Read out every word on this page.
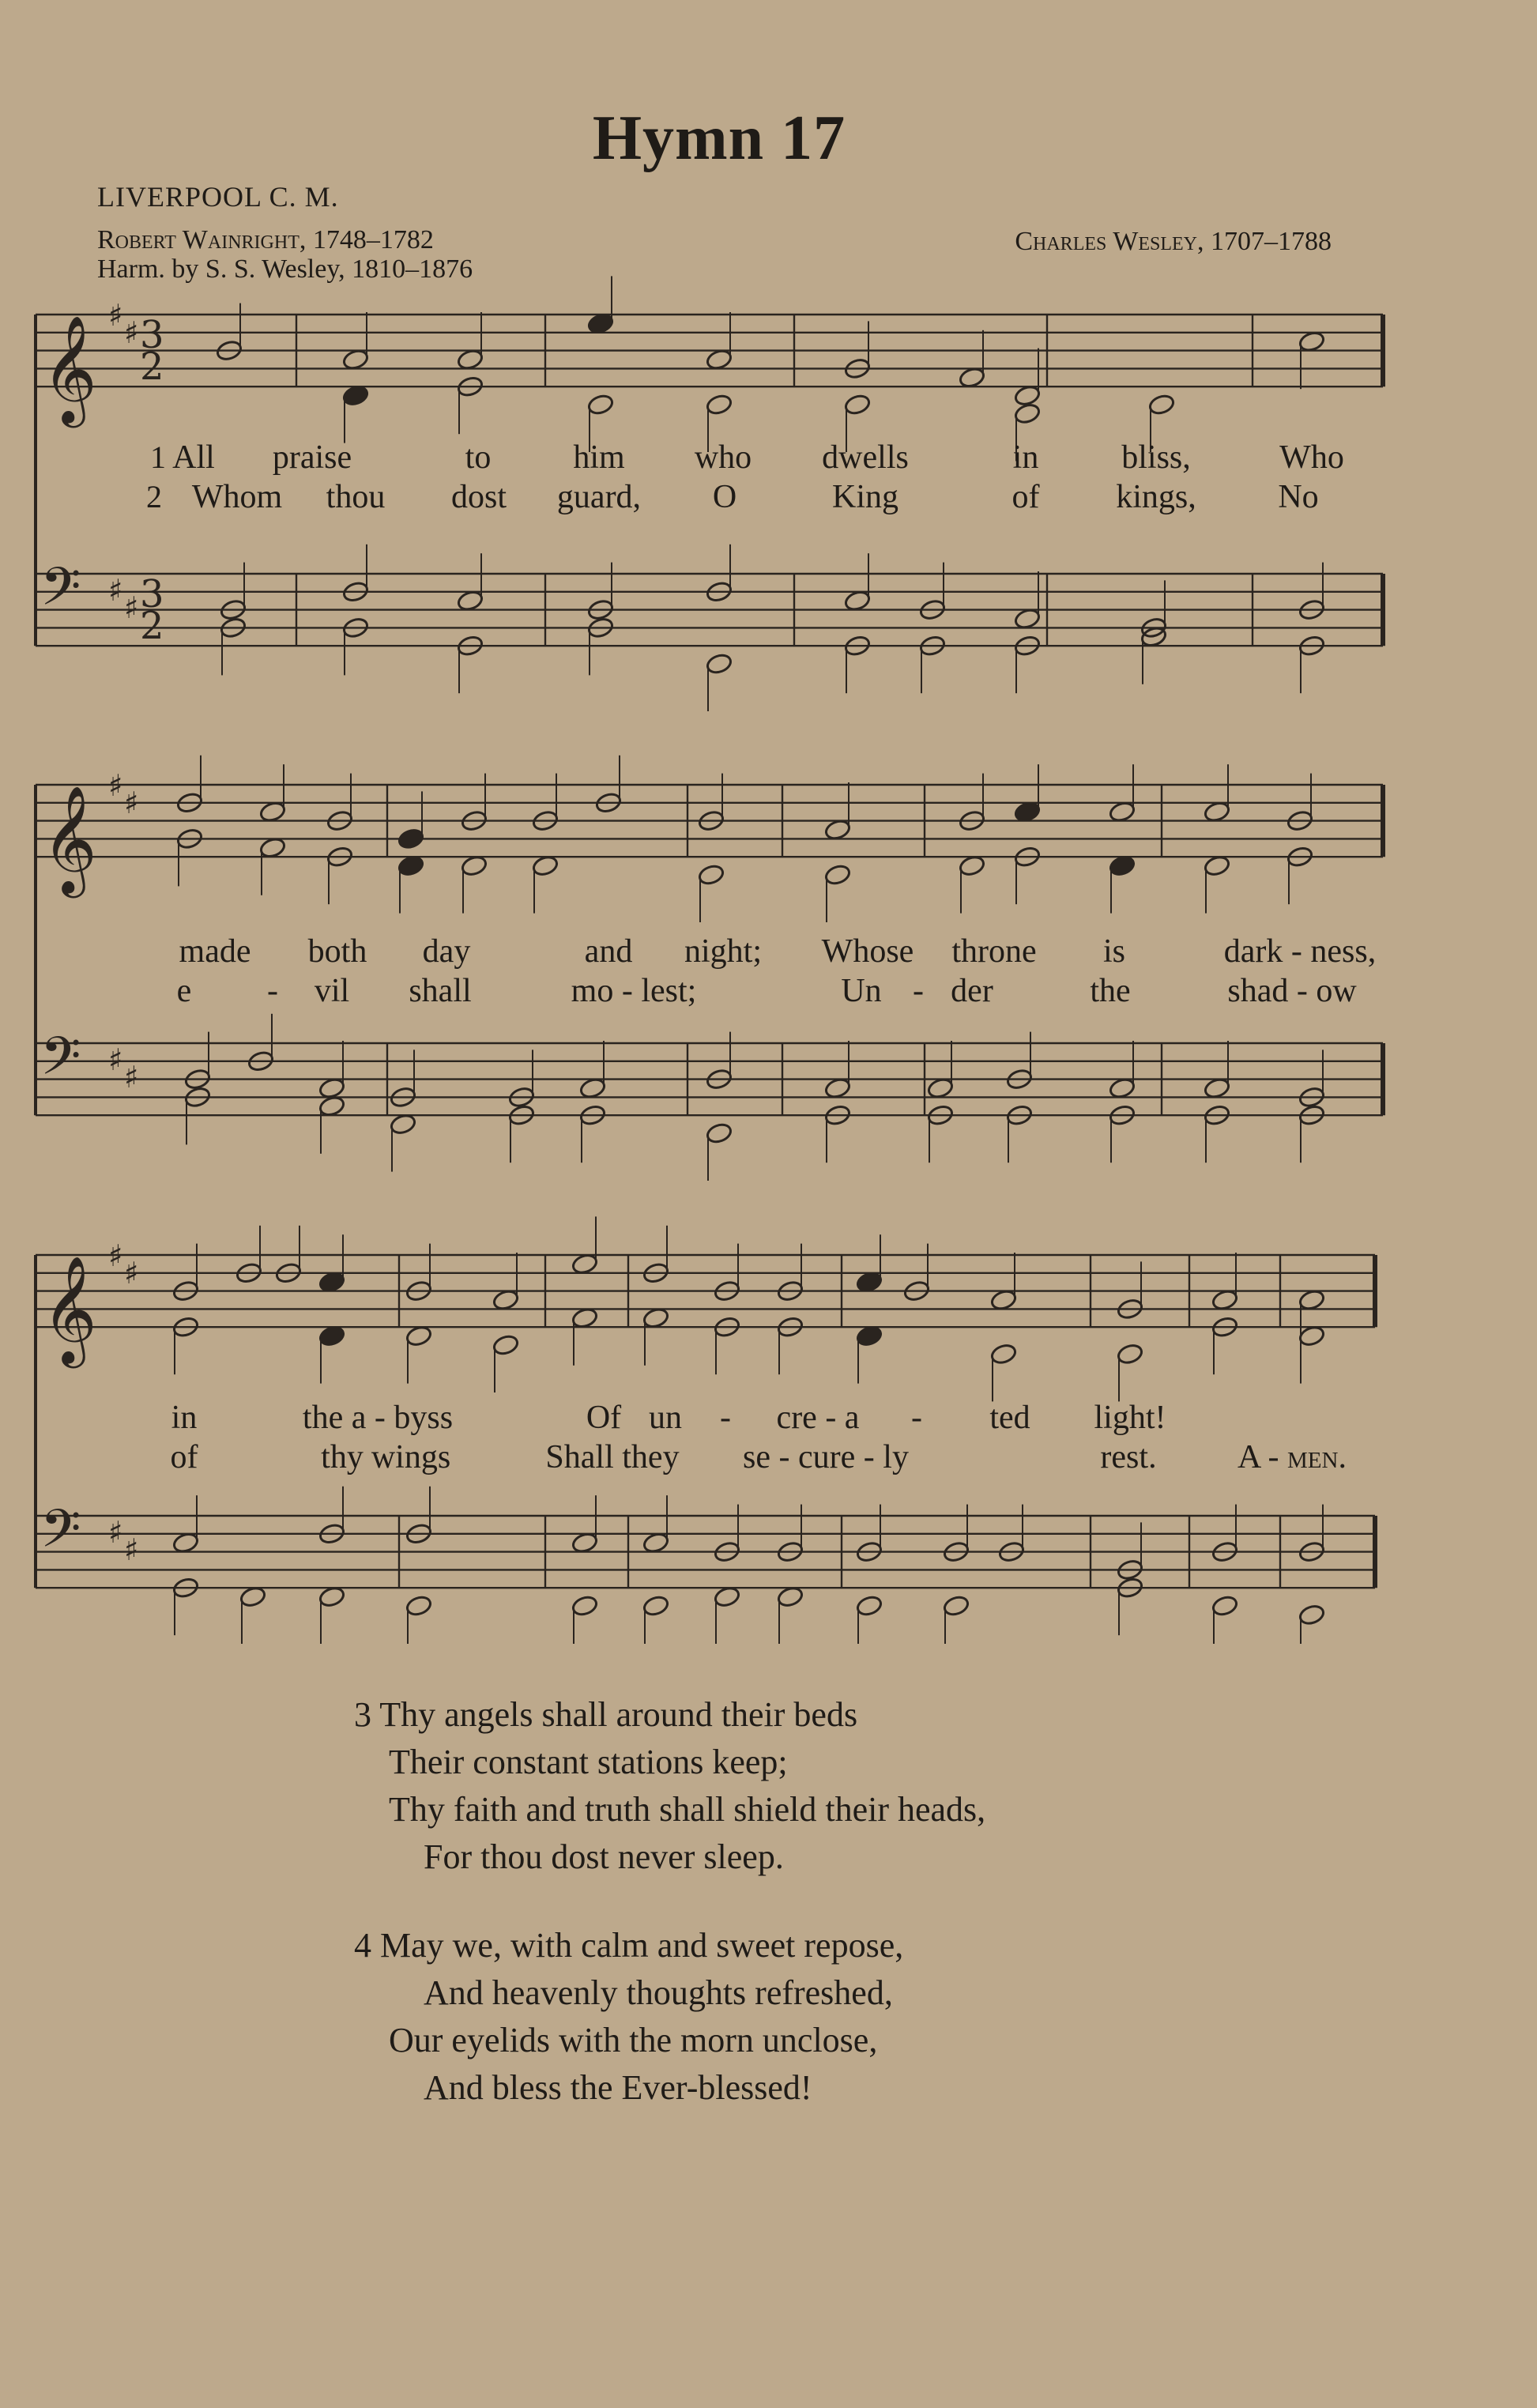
Hymn 17
LIVERPOOL C. M.
Robert Wainright, 1748–1782
Harm. by S. S. Wesley, 1810–1876
Charles Wesley, 1707–1788
𝄞
𝄢
♯
♯
♯
♯
3
2
3
2
𝄞
𝄢
♯
♯
♯
♯
𝄞
𝄢
♯
♯
♯
♯
1 All praise	to him who dwells	in bliss,	Who
2 Whom thou dost guard, O	King	of kings, No
made both day	and night; Whose throne is	dark - ness,
e - vil shall	mo - lest;	Un - der	the	shad - ow
in	the a - byss	Of un - cre - a - ted light!
of	thy wings	Shall they se - cure - ly	rest. A - men.
3 Thy angels shall around their beds
Their constant stations keep;
Thy faith and truth shall shield their heads,
For thou dost never sleep.
4 May we, with calm and sweet repose,
And heavenly thoughts refreshed,
Our eyelids with the morn unclose,
And bless the Ever-blessed!
